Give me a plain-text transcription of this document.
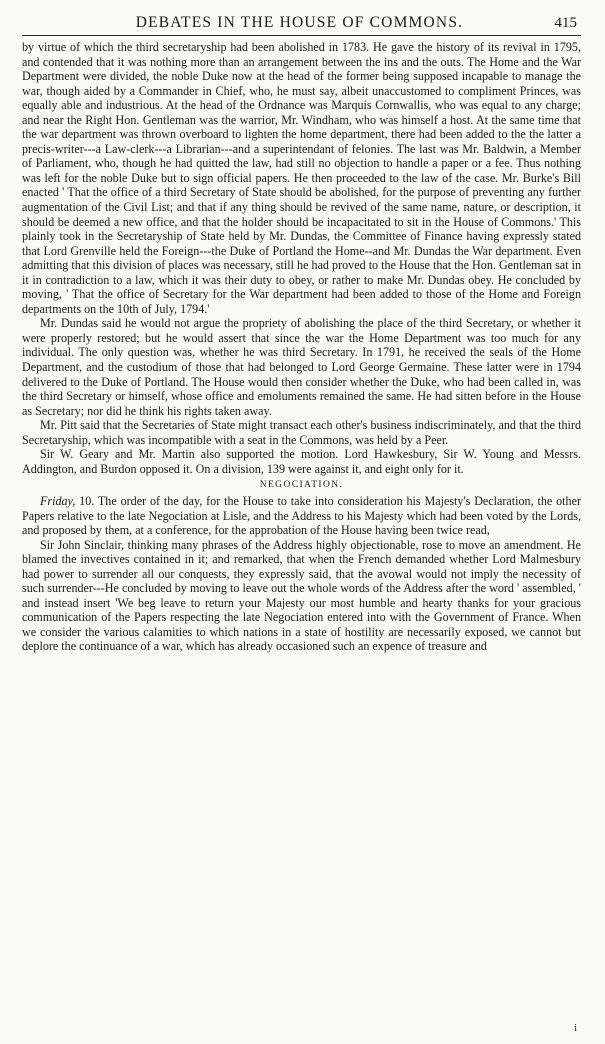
DEBATES IN THE HOUSE OF COMMONS.	415

by virtue of which the third secretaryship had been abolished in 1783. He gave the history of its revival in 1795, and contended that it was nothing more than an arrangement between the ins and the outs. The Home and the War Department were divided, the noble Duke now at the head of the former being supposed incapable to manage the war, though aided by a Commander in Chief, who, he must say, albeit unaccustomed to compliment Princes, was equally able and industrious. At the head of the Ordnance was Marquis Cornwallis, who was equal to any charge; and near the Right Hon. Gentleman was the warrior, Mr. Windham, who was himself a host. At the same time that the war department was thrown overboard to lighten the home department, there had been added to the the latter a precis-writer---a Law-clerk---a Librarian---and a superintendant of felonies. The last was Mr. Baldwin, a Member of Parliament, who, though he had quitted the law, had still no objection to handle a paper or a fee. Thus nothing was left for the noble Duke but to sign official papers. He then proceeded to the law of the case. Mr. Burke's Bill enacted ' That the office of a third Secretary of State should be abolished, for the purpose of preventing any further augmentation of the Civil List; and that if any thing should be revived of the same name, nature, or description, it should be deemed a new office, and that the holder should be incapacitated to sit in the House of Commons.' This plainly took in the Secretaryship of State held by Mr. Dundas, the Committee of Finance having expressly stated that Lord Grenville held the Foreign---the Duke of Portland the Home--and Mr. Dundas the War department. Even admitting that this division of places was necessary, still he had proved to the House that the Hon. Gentleman sat in it in contradiction to a law, which it was their duty to obey, or rather to make Mr. Dundas obey. He concluded by moving, ' That the office of Secretary for the War department had been added to those of the Home and Foreign departments on the 10th of July, 1794.'

Mr. Dundas said he would not argue the propriety of abolishing the place of the third Secretary, or whether it were properly restored; but he would assert that since the war the Home Department was too much for any individual. The only question was, whether he was third Secretary. In 1791, he received the seals of the Home Department, and the custodium of those that had belonged to Lord George Germaine. These latter were in 1794 delivered to the Duke of Portland. The House would then consider whether the Duke, who had been called in, was the third Secretary or himself, whose office and emoluments remained the same. He had sitten before in the House as Secretary; nor did he think his rights taken away.

Mr. Pitt said that the Secretaries of State might transact each other's business indiscriminately, and that the third Secretaryship, which was incompatible with a seat in the Commons, was held by a Peer.

Sir W. Geary and Mr. Martin also supported the motion. Lord Hawkesbury, Sir W. Young and Messrs. Addington, and Burdon opposed it. On a division, 139 were against it, and eight only for it.

NEGOCIATION.

Friday, 10. The order of the day, for the House to take into consideration his Majesty's Declaration, the other Papers relative to the late Negociation at Lisle, and the Address to his Majesty which had been voted by the Lords, and proposed by them, at a conference, for the approbation of the House having been twice read,

Sir John Sinclair, thinking many phrases of the Address highly objectionable, rose to move an amendment. He blamed the invectives contained in it; and remarked, that when the French demanded whether Lord Malmesbury had power to surrender all our conquests, they expressly said, that the avowal would not imply the necessity of such surrender---He concluded by moving to leave out the whole words of the Address after the word ' assembled, ' and instead insert 'We beg leave to return your Majesty our most humble and hearty thanks for your gracious communication of the Papers respecting the late Negociation entered into with the Government of France. When we consider the various calamities to which nations in a state of hostility are necessarily exposed, we cannot but deplore the continuance of a war, which has already occasioned such an expence of treasure and

i
